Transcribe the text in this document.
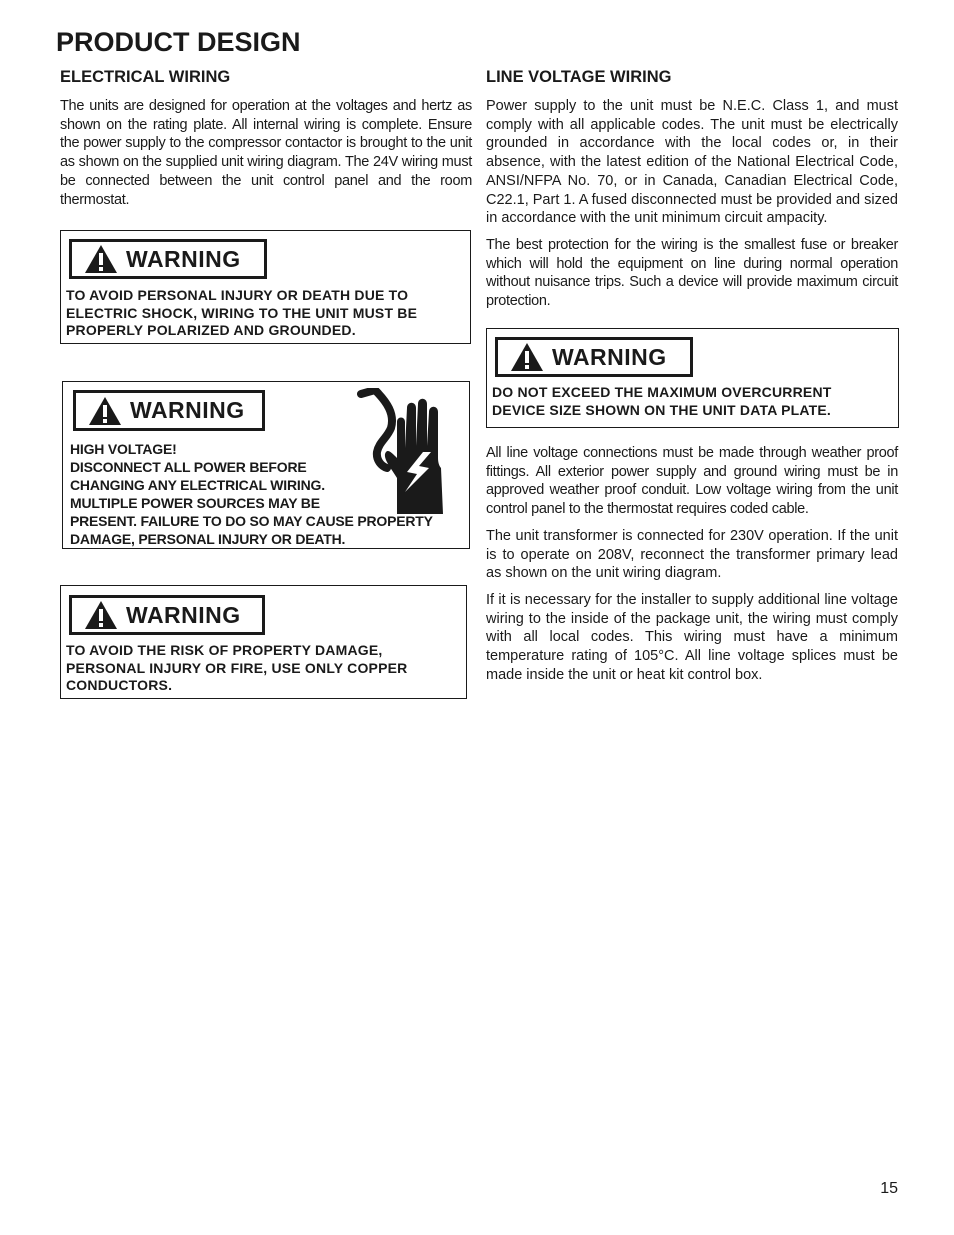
PRODUCT DESIGN
ELECTRICAL WIRING

The units are designed for operation at the voltages and hertz as shown on the rating plate. All internal wiring is complete. Ensure the power supply to the compressor contactor is brought to the unit as shown on the supplied unit wiring diagram. The 24V wiring must be connected between the unit control panel and the room thermostat.

WARNING
TO AVOID PERSONAL INJURY OR DEATH DUE TO
ELECTRIC SHOCK, WIRING TO THE UNIT MUST BE
PROPERLY POLARIZED AND GROUNDED.
WARNING
HIGH VOLTAGE!
DISCONNECT ALL POWER BEFORE
CHANGING ANY ELECTRICAL WIRING.
MULTIPLE POWER SOURCES MAY BE
PRESENT. FAILURE TO DO SO MAY CAUSE PROPERTY
DAMAGE, PERSONAL INJURY OR DEATH.
WARNING
TO AVOID THE RISK OF PROPERTY DAMAGE,
PERSONAL INJURY OR FIRE, USE ONLY COPPER
CONDUCTORS.
LINE VOLTAGE WIRING

Power supply to the unit must be N.E.C. Class 1, and must comply with all applicable codes. The unit must be electrically grounded in accordance with the local codes or, in their absence, with the latest edition of the National Electrical Code, ANSI/NFPA No. 70, or in Canada, Canadian Electrical Code, C22.1, Part 1. A fused disconnected must be provided and sized in accordance with the unit minimum circuit ampacity.

The best protection for the wiring is the smallest fuse or breaker which will hold the equipment on line during normal operation without nuisance trips. Such a device will provide maximum circuit protection.

WARNING
DO NOT EXCEED THE MAXIMUM OVERCURRENT
DEVICE SIZE SHOWN ON THE UNIT DATA PLATE.

All line voltage connections must be made through weather proof fittings. All exterior power supply and ground wiring must be in approved weather proof conduit. Low voltage wiring from the unit control panel to the thermostat requires coded cable.

The unit transformer is connected for 230V operation. If the unit is to operate on 208V, reconnect the transformer primary lead as shown on the unit wiring diagram.

If it is necessary for the installer to supply additional line voltage wiring to the inside of the package unit, the wiring must comply with all local codes. This wiring must have a minimum temperature rating of 105°C. All line voltage splices must be made inside the unit or heat kit control box.

15
